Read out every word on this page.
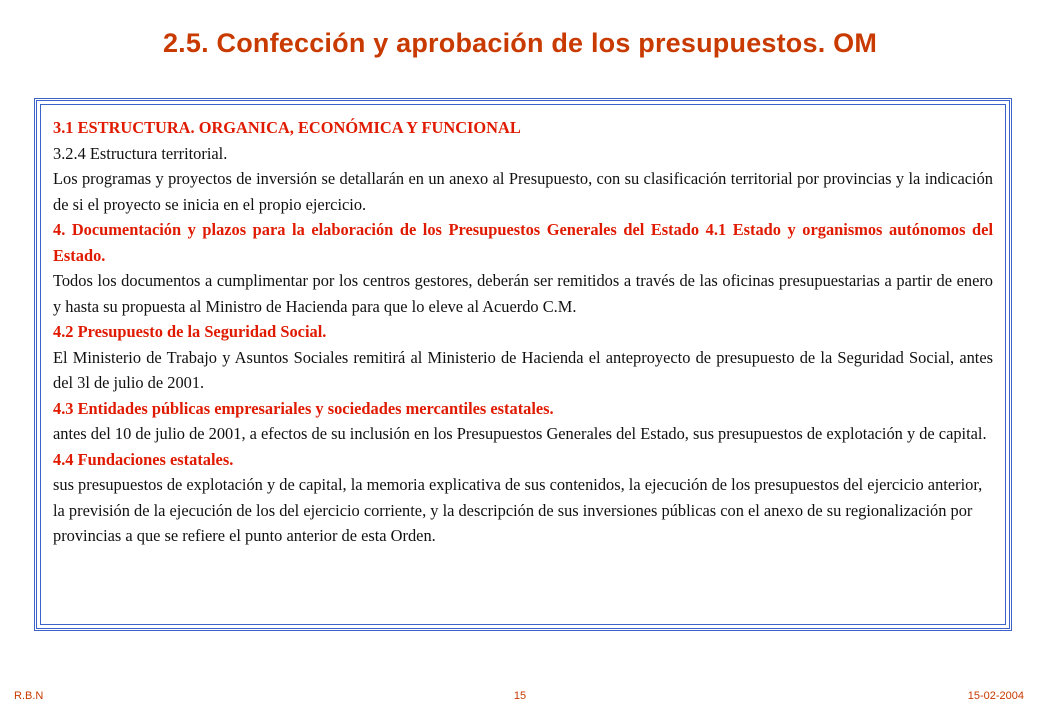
2.5. Confección y aprobación de los presupuestos. OM

3.1 ESTRUCTURA. ORGANICA, ECONÓMICA Y FUNCIONAL

3.2.4 Estructura territorial.

Los programas y proyectos de inversión se detallarán en un anexo al Presupuesto, con su clasificación territorial por provincias y la indicación de si el proyecto se inicia en el propio ejercicio.

4. Documentación y plazos para la elaboración de los Presupuestos Generales del Estado 4.1 Estado y organismos autónomos del Estado.

Todos los documentos a cumplimentar por los centros gestores, deberán ser remitidos a través de las oficinas presupuestarias a partir de enero y hasta su propuesta al Ministro de Hacienda para que lo eleve al Acuerdo C.M.

4.2 Presupuesto de la Seguridad Social.

El Ministerio de Trabajo y Asuntos Sociales remitirá al Ministerio de Hacienda el anteproyecto de presupuesto de la Seguridad Social, antes del 3l de julio de 2001.

4.3 Entidades públicas empresariales y sociedades mercantiles estatales.

antes del 10 de julio de 2001, a efectos de su inclusión en los Presupuestos Generales del Estado, sus presupuestos de explotación y de capital.

4.4 Fundaciones estatales.

sus presupuestos de explotación y de capital, la memoria explicativa de sus contenidos, la ejecución de los presupuestos del ejercicio anterior, la previsión de la ejecución de los del ejercicio corriente, y la descripción de sus inversiones públicas con el anexo de su regionalización por provincias a que se refiere el punto anterior de esta Orden.

R.B.N	15	15-02-2004
